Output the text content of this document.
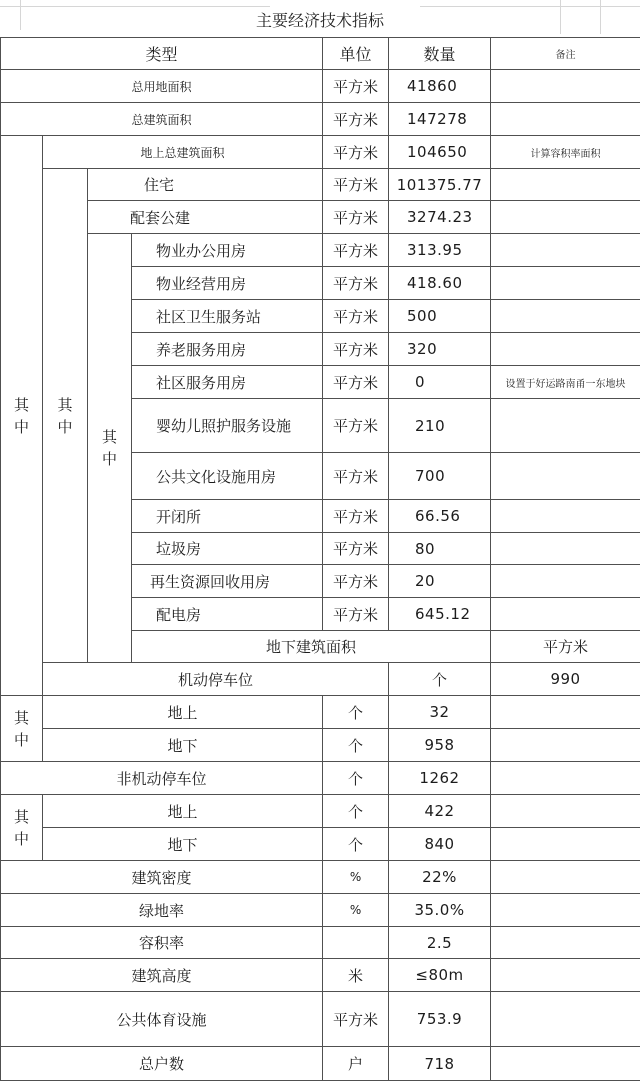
主要经济技术指标
类型				单位	数量	备注	
总用地面积				平方米	41860		
总建筑面积				平方米	147278		
其中	地上总建筑面积			平方米	104650	计算容积率面积	
	其中	住宅		平方米	101375.77		
		配套公建		平方米	3274.23		
		其中	物业办公用房	平方米	313.95		
			物业经营用房	平方米	418.60		
			社区卫生服务站	平方米	500		
			养老服务用房	平方米	320		
			社区服务用房	平方米	0	设置于好运路南甬一东地块	
			婴幼儿照护服务设施	平方米	210		
			公共文化设施用房	平方米	700		
			开闭所	平方米	66.56		
			垃圾房	平方米	80		
			再生资源回收用房	平方米	20		
			配电房	平方米	645.12		
			地下建筑面积			平方米		
	机动停车位				个	990	
其中	地上			个	32		
	地下			个	958		
非机动停车位				个	1262		
其中	地上			个	422		
	地下			个	840		
建筑密度				%	22%		
绿地率				%	35.0%		
容积率					2.5		
建筑高度				米	≤80m		
公共体育设施				平方米	753.9		
总户数				户	718		
